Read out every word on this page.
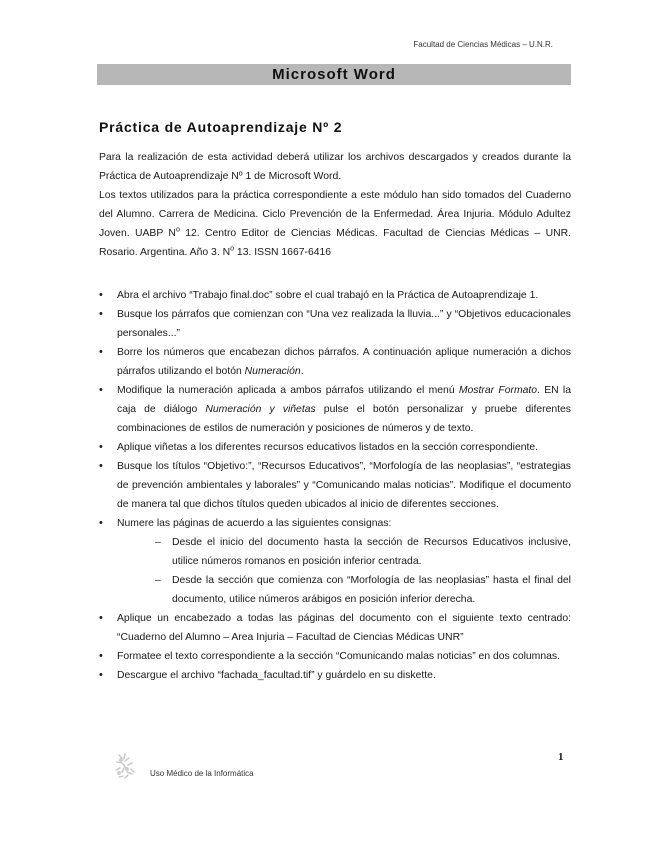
Facultad de Ciencias Médicas – U.N.R.
Microsoft Word
Práctica de Autoaprendizaje Nº 2

Para la realización de esta actividad deberá utilizar los archivos descargados y creados durante la Práctica de Autoaprendizaje Nº 1 de Microsoft Word.

Los textos utilizados para la práctica correspondiente a este módulo han sido tomados del Cuaderno del Alumno. Carrera de Medicina. Ciclo Prevención de la Enfermedad. Área Injuria. Módulo Adultez Joven. UABP $N^o$ 12. Centro Editor de Ciencias Médicas. Facultad de Ciencias Médicas – UNR. Rosario. Argentina. Año 3. $N^o$ 13. ISSN 1667-6416

• Abra el archivo “Trabajo final.doc” sobre el cual trabajó en la Práctica de Autoaprendizaje 1.
• Busque los párrafos que comienzan con “Una vez realizada la lluvia...” y “Objetivos educacionales personales...”
• Borre los números que encabezan dichos párrafos. A continuación aplique numeración a dichos párrafos utilizando el botón Numeración.
• Modifique la numeración aplicada a ambos párrafos utilizando el menú Mostrar Formato. EN la caja de diálogo Numeración y viñetas pulse el botón personalizar y pruebe diferentes combinaciones de estilos de numeración y posiciones de números y de texto.
• Aplique viñetas a los diferentes recursos educativos listados en la sección correspondiente.
• Busque los títulos “Objetivo:”, “Recursos Educativos”, “Morfología de las neoplasias”, “estrategias de prevención ambientales y laborales” y “Comunicando malas noticias”. Modifique el documento de manera tal que dichos títulos queden ubicados al inicio de diferentes secciones.
• Numere las páginas de acuerdo a las siguientes consignas:
– Desde el inicio del documento hasta la sección de Recursos Educativos inclusive, utilice números romanos en posición inferior centrada.
– Desde la sección que comienza con “Morfología de las neoplasias” hasta el final del documento, utilice números arábigos en posición inferior derecha.
• Aplique un encabezado a todas las páginas del documento con el siguiente texto centrado: “Cuaderno del Alumno – Area Injuria – Facultad de Ciencias Médicas UNR”
• Formatee el texto correspondiente a la sección “Comunicando malas noticias” en dos columnas.
• Descargue el archivo “fachada_facultad.tif” y guárdelo en su diskette.
1
Uso Médico de la Informática
